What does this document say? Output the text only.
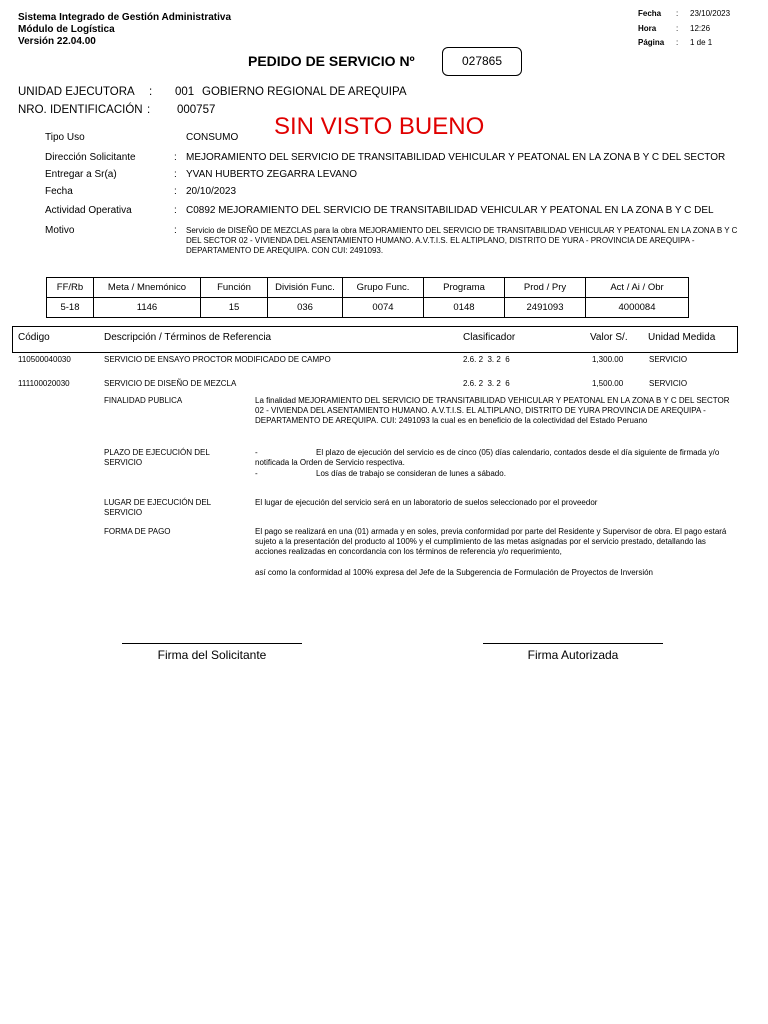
Sistema Integrado de Gestión Administrativa
Módulo de Logística
Versión 22.04.00
Fecha : 23/10/2023
Hora : 12:26
Página : 1 de 1
PEDIDO DE SERVICIO Nº	027865
UNIDAD EJECUTORA : 001 GOBIERNO REGIONAL DE AREQUIPA
NRO. IDENTIFICACIÓN : 000757
SIN VISTO BUENO
Tipo Uso	CONSUMO
Dirección Solicitante	: MEJORAMIENTO DEL SERVICIO DE TRANSITABILIDAD VEHICULAR Y PEATONAL EN LA ZONA B Y C DEL SECTOR
Entregar a Sr(a)	: YVAN HUBERTO ZEGARRA LEVANO
Fecha	: 20/10/2023
Actividad Operativa	: C0892 MEJORAMIENTO DEL SERVICIO DE TRANSITABILIDAD VEHICULAR Y PEATONAL EN LA ZONA B Y C DEL
Motivo	: Servicio de DISEÑO DE MEZCLAS para la obra MEJORAMIENTO DEL SERVICIO DE TRANSITABILIDAD VEHICULAR Y PEATONAL EN LA ZONA B Y C DEL SECTOR 02 - VIVIENDA DEL ASENTAMIENTO HUMANO. A.V.T.I.S. EL ALTIPLANO, DISTRITO DE YURA - PROVINCIA DE AREQUIPA - DEPARTAMENTO DE AREQUIPA. CON CUI: 2491093.
FF/Rb	Meta / Mnemónico	Función	División Func.	Grupo Func.	Programa	Prod / Pry	Act / Ai / Obr
5-18	1146	15	036	0074	0148	2491093	4000084
Código	Descripción / Términos de Referencia	Clasificador	Valor S/. Unidad Medida
110500040030	SERVICIO DE ENSAYO PROCTOR MODIFICADO DE CAMPO	2.6. 2  3. 2  6	1,300.00	SERVICIO
111100020030	SERVICIO DE DISEÑO DE MEZCLA	2.6. 2  3. 2  6	1,500.00	SERVICIO
FINALIDAD PUBLICA	La finalidad MEJORAMIENTO DEL SERVICIO DE TRANSITABILIDAD VEHICULAR Y PEATONAL EN LA ZONA B Y C DEL SECTOR 02 - VIVIENDA DEL ASENTAMIENTO HUMANO. A.V.T.I.S. EL ALTIPLANO, DISTRITO DE YURA PROVINCIA DE AREQUIPA - DEPARTAMENTO DE AREQUIPA. CUI: 2491093 la cual es en beneficio de la colectividad del Estado Peruano
PLAZO DE EJECUCIÓN DEL SERVICIO
-	El plazo de ejecución del servicio es de cinco (05) días calendario, contados desde el día siguiente de firmada y/o notificada la Orden de Servicio respectiva.
-	Los días de trabajo se consideran de lunes a sábado.
LUGAR DE EJECUCIÓN DEL SERVICIO
El lugar de ejecución del servicio será en un laboratorio de suelos seleccionado por el proveedor
FORMA DE PAGO	El pago se realizará en una (01) armada y en soles, previa conformidad por parte del Residente y Supervisor de obra. El pago estará sujeto a la presentación del producto al 100% y el cumplimiento de las metas asignadas por el servicio prestado, detallando las acciones realizadas en concordancia con los términos de referencia y/o requerimiento,
así como la conformidad al 100% expresa del Jefe de la Subgerencia de Formulación de Proyectos de Inversión
Firma del Solicitante	Firma Autorizada
